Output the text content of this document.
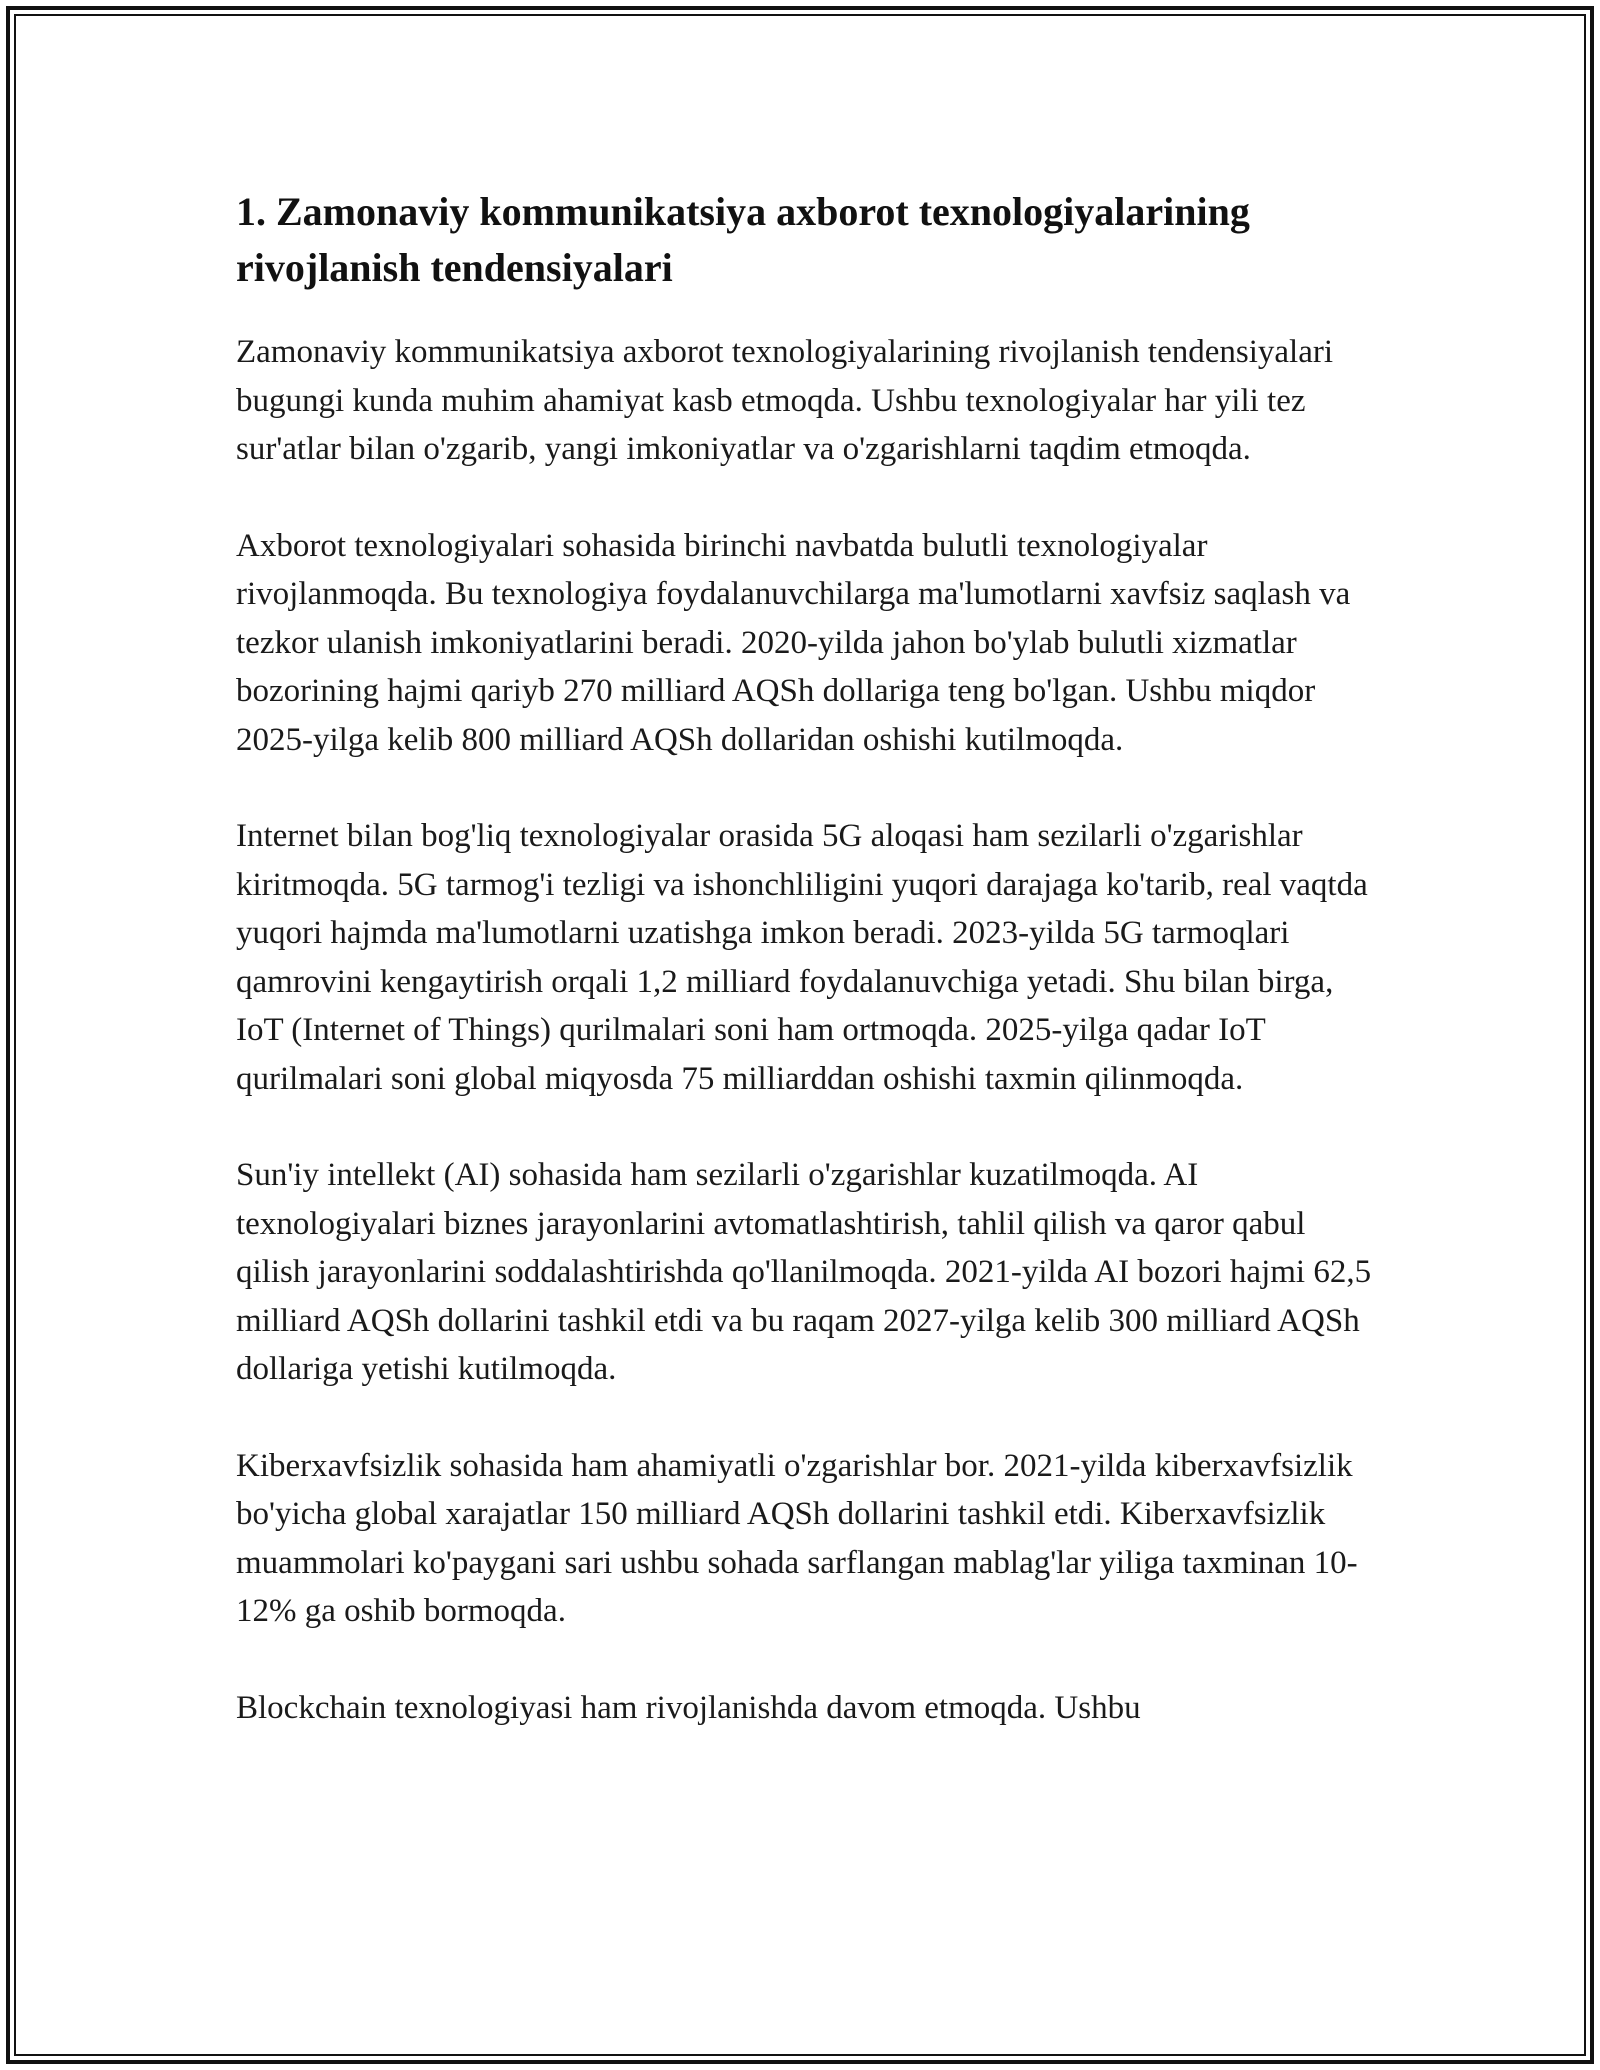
1. Zamonaviy kommunikatsiya axborot texnologiyalarining rivojlanish tendensiyalari

Zamonaviy kommunikatsiya axborot texnologiyalarining rivojlanish tendensiyalari bugungi kunda muhim ahamiyat kasb etmoqda. Ushbu texnologiyalar har yili tez sur'atlar bilan o'zgarib, yangi imkoniyatlar va o'zgarishlarni taqdim etmoqda.

Axborot texnologiyalari sohasida birinchi navbatda bulutli texnologiyalar rivojlanmoqda. Bu texnologiya foydalanuvchilarga ma'lumotlarni xavfsiz saqlash va tezkor ulanish imkoniyatlarini beradi. 2020-yilda jahon bo'ylab bulutli xizmatlar bozorining hajmi qariyb 270 milliard AQSh dollariga teng bo'lgan. Ushbu miqdor 2025-yilga kelib 800 milliard AQSh dollaridan oshishi kutilmoqda.

Internet bilan bog'liq texnologiyalar orasida 5G aloqasi ham sezilarli o'zgarishlar kiritmoqda. 5G tarmog'i tezligi va ishonchliligini yuqori darajaga ko'tarib, real vaqtda yuqori hajmda ma'lumotlarni uzatishga imkon beradi. 2023-yilda 5G tarmoqlari qamrovini kengaytirish orqali 1,2 milliard foydalanuvchiga yetadi. Shu bilan birga, IoT (Internet of Things) qurilmalari soni ham ortmoqda. 2025-yilga qadar IoT qurilmalari soni global miqyosda 75 milliarddan oshishi taxmin qilinmoqda.

Sun'iy intellekt (AI) sohasida ham sezilarli o'zgarishlar kuzatilmoqda. AI texnologiyalari biznes jarayonlarini avtomatlashtirish, tahlil qilish va qaror qabul qilish jarayonlarini soddalashtirishda qo'llanilmoqda. 2021-yilda AI bozori hajmi 62,5 milliard AQSh dollarini tashkil etdi va bu raqam 2027-yilga kelib 300 milliard AQSh dollariga yetishi kutilmoqda.

Kiberxavfsizlik sohasida ham ahamiyatli o'zgarishlar bor. 2021-yilda kiberxavfsizlik bo'yicha global xarajatlar 150 milliard AQSh dollarini tashkil etdi. Kiberxavfsizlik muammolari ko'paygani sari ushbu sohada sarflangan mablag'lar yiliga taxminan 10-12% ga oshib bormoqda.

Blockchain texnologiyasi ham rivojlanishda davom etmoqda. Ushbu
